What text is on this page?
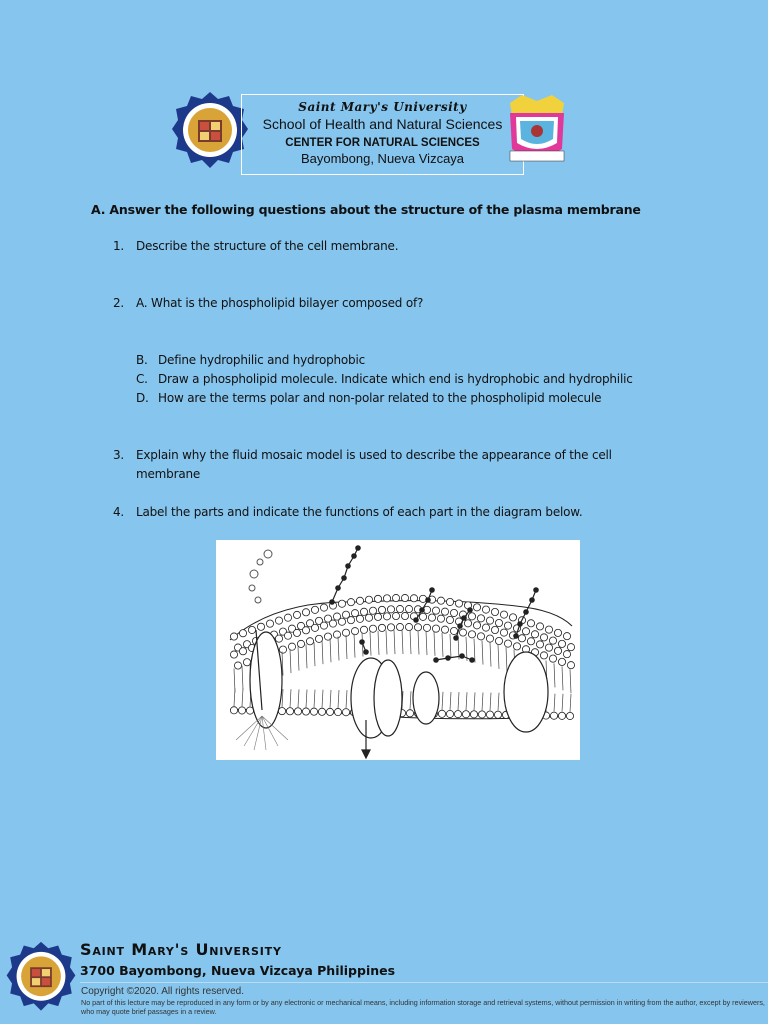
Saint Mary's University
School of Health and Natural Sciences
CENTER FOR NATURAL SCIENCES
Bayombong, Nueva Vizcaya
A. Answer the following questions about the structure of the plasma membrane
1. Describe the structure of the cell membrane.
2. A. What is the phospholipid bilayer composed of?
B. Define hydrophilic and hydrophobic
C. Draw a phospholipid molecule. Indicate which end is hydrophobic and hydrophilic
D. How are the terms polar and non-polar related to the phospholipid molecule
3. Explain why the fluid mosaic model is used to describe the appearance of the cell membrane
4. Label the parts and indicate the functions of each part in the diagram below.
Saint Mary's University
3700 Bayombong, Nueva Vizcaya Philippines
Copyright ©2020. All rights reserved.
No part of this lecture may be reproduced in any form or by any electronic or mechanical means, including information storage and retrieval systems, without permission in writing from the author, except by reviewers, who may quote brief passages in a review.
